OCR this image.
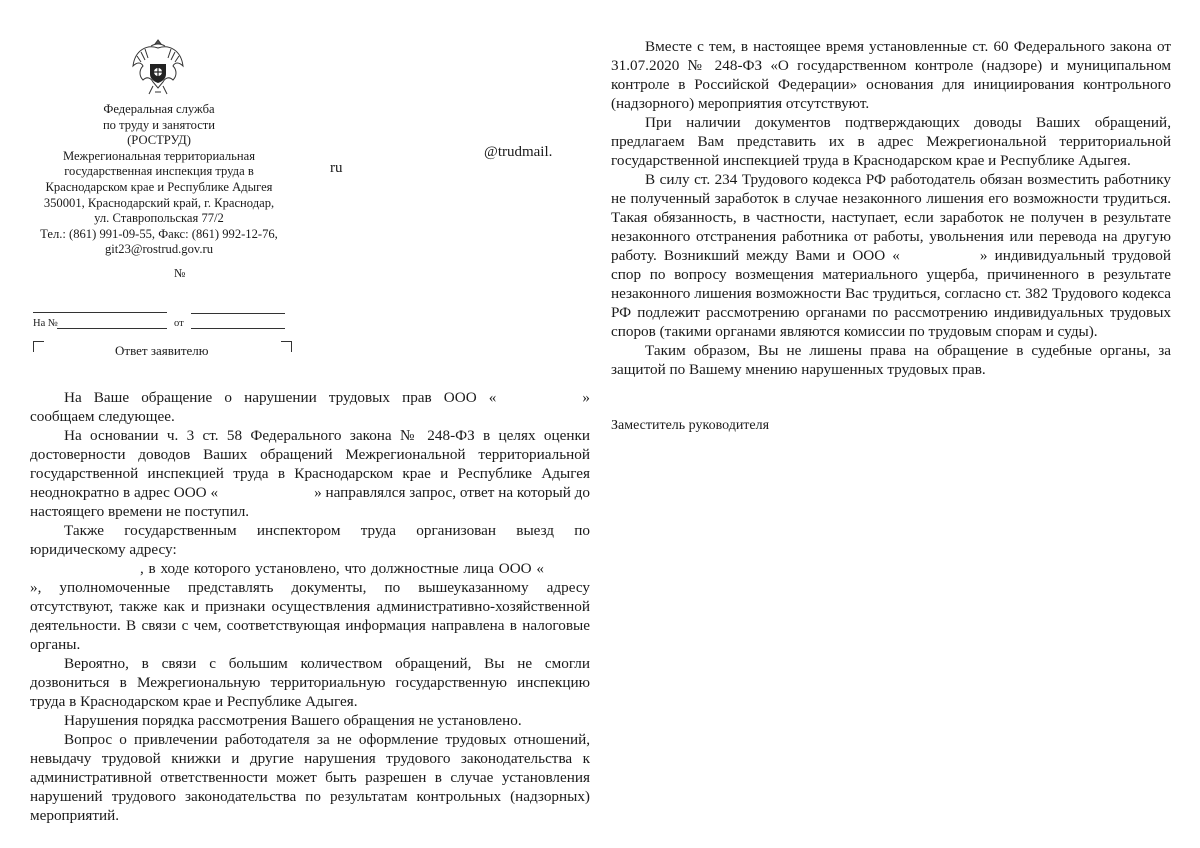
Федеральная служба
по труду и занятости
(РОСТРУД)
Межрегиональная территориальная
государственная инспекция труда в
Краснодарском крае и Республике Адыгея
350001, Краснодарский край, г. Краснодар,
ул. Ставропольская 77/2
Тел.: (861) 991-09-55, Факс: (861) 992-12-76,
git23@rostrud.gov.ru
@trudmail.
ru
№
На №	от
Ответ заявителю

На Ваше обращение о нарушении трудовых прав ООО «	» сообщаем следующее.

На основании ч. 3 ст. 58 Федерального закона № 248-ФЗ в целях оценки достоверности доводов Ваших обращений Межрегиональной территориальной государственной инспекцией труда в Краснодарском крае и Республике Адыгея неоднократно в адрес ООО «	» направлялся запрос, ответ на который до настоящего времени не поступил.

Также государственным инспектором труда организован выезд по юридическому адресу:
, в ходе которого установлено, что должностные лица ООО «», уполномоченные представлять документы, по вышеуказанному адресу отсутствуют, также как и признаки осуществления административно-хозяйственной деятельности. В связи с чем, соответствующая информация направлена в налоговые органы.

Вероятно, в связи с большим количеством обращений, Вы не смогли дозвониться в Межрегиональную территориальную государственную инспекцию труда в Краснодарском крае и Республике Адыгея.

Нарушения порядка рассмотрения Вашего обращения не установлено.

Вопрос о привлечении работодателя за не оформление трудовых отношений, невыдачу трудовой книжки и другие нарушения трудового законодательства к административной ответственности может быть разрешен в случае установления нарушений трудового законодательства по результатам контрольных (надзорных) мероприятий.

Вместе с тем, в настоящее время установленные ст. 60 Федерального закона от 31.07.2020 № 248-ФЗ «О государственном контроле (надзоре) и муниципальном контроле в Российской Федерации» основания для инициирования контрольного (надзорного) мероприятия отсутствуют.

При наличии документов подтверждающих доводы Ваших обращений, предлагаем Вам представить их в адрес Межрегиональной территориальной государственной инспекцией труда в Краснодарском крае и Республике Адыгея.

В силу ст. 234 Трудового кодекса РФ работодатель обязан возместить работнику не полученный заработок в случае незаконного лишения его возможности трудиться. Такая обязанность, в частности, наступает, если заработок не получен в результате незаконного отстранения работника от работы, увольнения или перевода на другую работу. Возникший между Вами и ООО «	» индивидуальный трудовой спор по вопросу возмещения материального ущерба, причиненного в результате незаконного лишения возможности Вас трудиться, согласно ст. 382 Трудового кодекса РФ подлежит рассмотрению органами по рассмотрению индивидуальных трудовых споров (такими органами являются комиссии по трудовым спорам и суды).

Таким образом, Вы не лишены права на обращение в судебные органы, за защитой по Вашему мнению нарушенных трудовых прав.

Заместитель руководителя
